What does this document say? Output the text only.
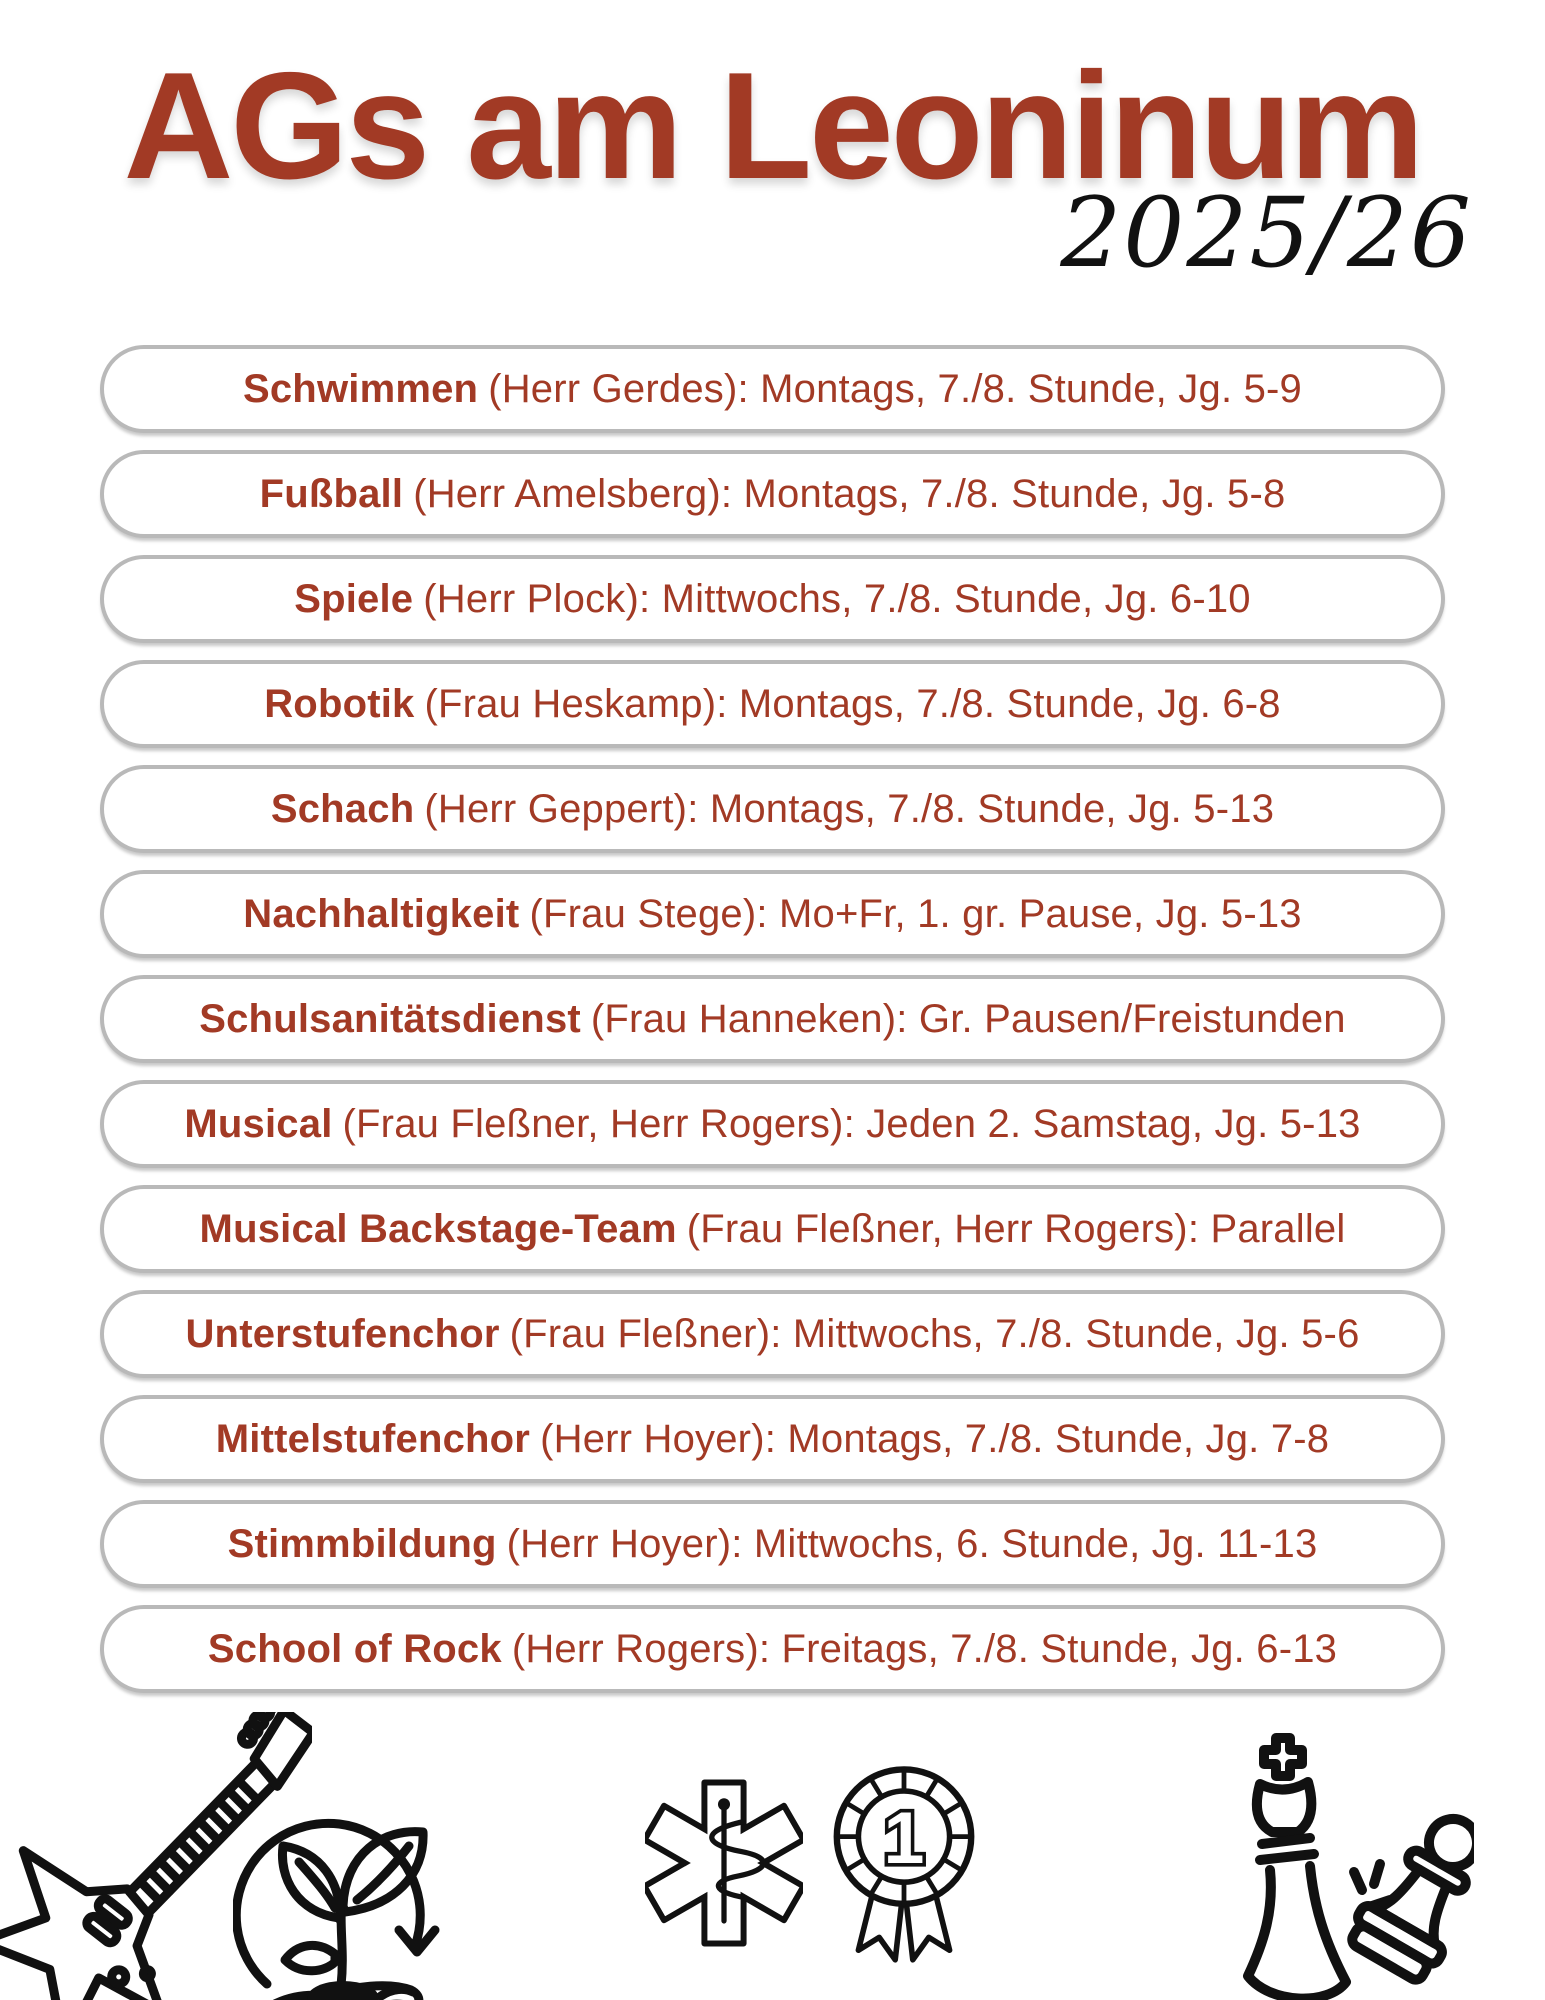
AGs am Leoninum
2025/26
Schwimmen (Herr Gerdes): Montags, 7./8. Stunde, Jg. 5-9
Fußball (Herr Amelsberg): Montags, 7./8. Stunde, Jg. 5-8
Spiele (Herr Plock): Mittwochs, 7./8. Stunde, Jg. 6-10
Robotik (Frau Heskamp): Montags, 7./8. Stunde, Jg. 6-8
Schach (Herr Geppert): Montags, 7./8. Stunde, Jg. 5-13
Nachhaltigkeit (Frau Stege): Mo+Fr, 1. gr. Pause, Jg. 5-13
Schulsanitätsdienst (Frau Hanneken): Gr. Pausen/Freistunden
Musical (Frau Fleßner, Herr Rogers): Jeden 2. Samstag, Jg. 5-13
Musical Backstage-Team (Frau Fleßner, Herr Rogers): Parallel
Unterstufenchor (Frau Fleßner): Mittwochs, 7./8. Stunde, Jg. 5-6
Mittelstufenchor (Herr Hoyer): Montags, 7./8. Stunde, Jg. 7-8
Stimmbildung (Herr Hoyer): Mittwochs, 6. Stunde, Jg. 11-13
School of Rock (Herr Rogers): Freitags, 7./8. Stunde, Jg. 6-13
1
